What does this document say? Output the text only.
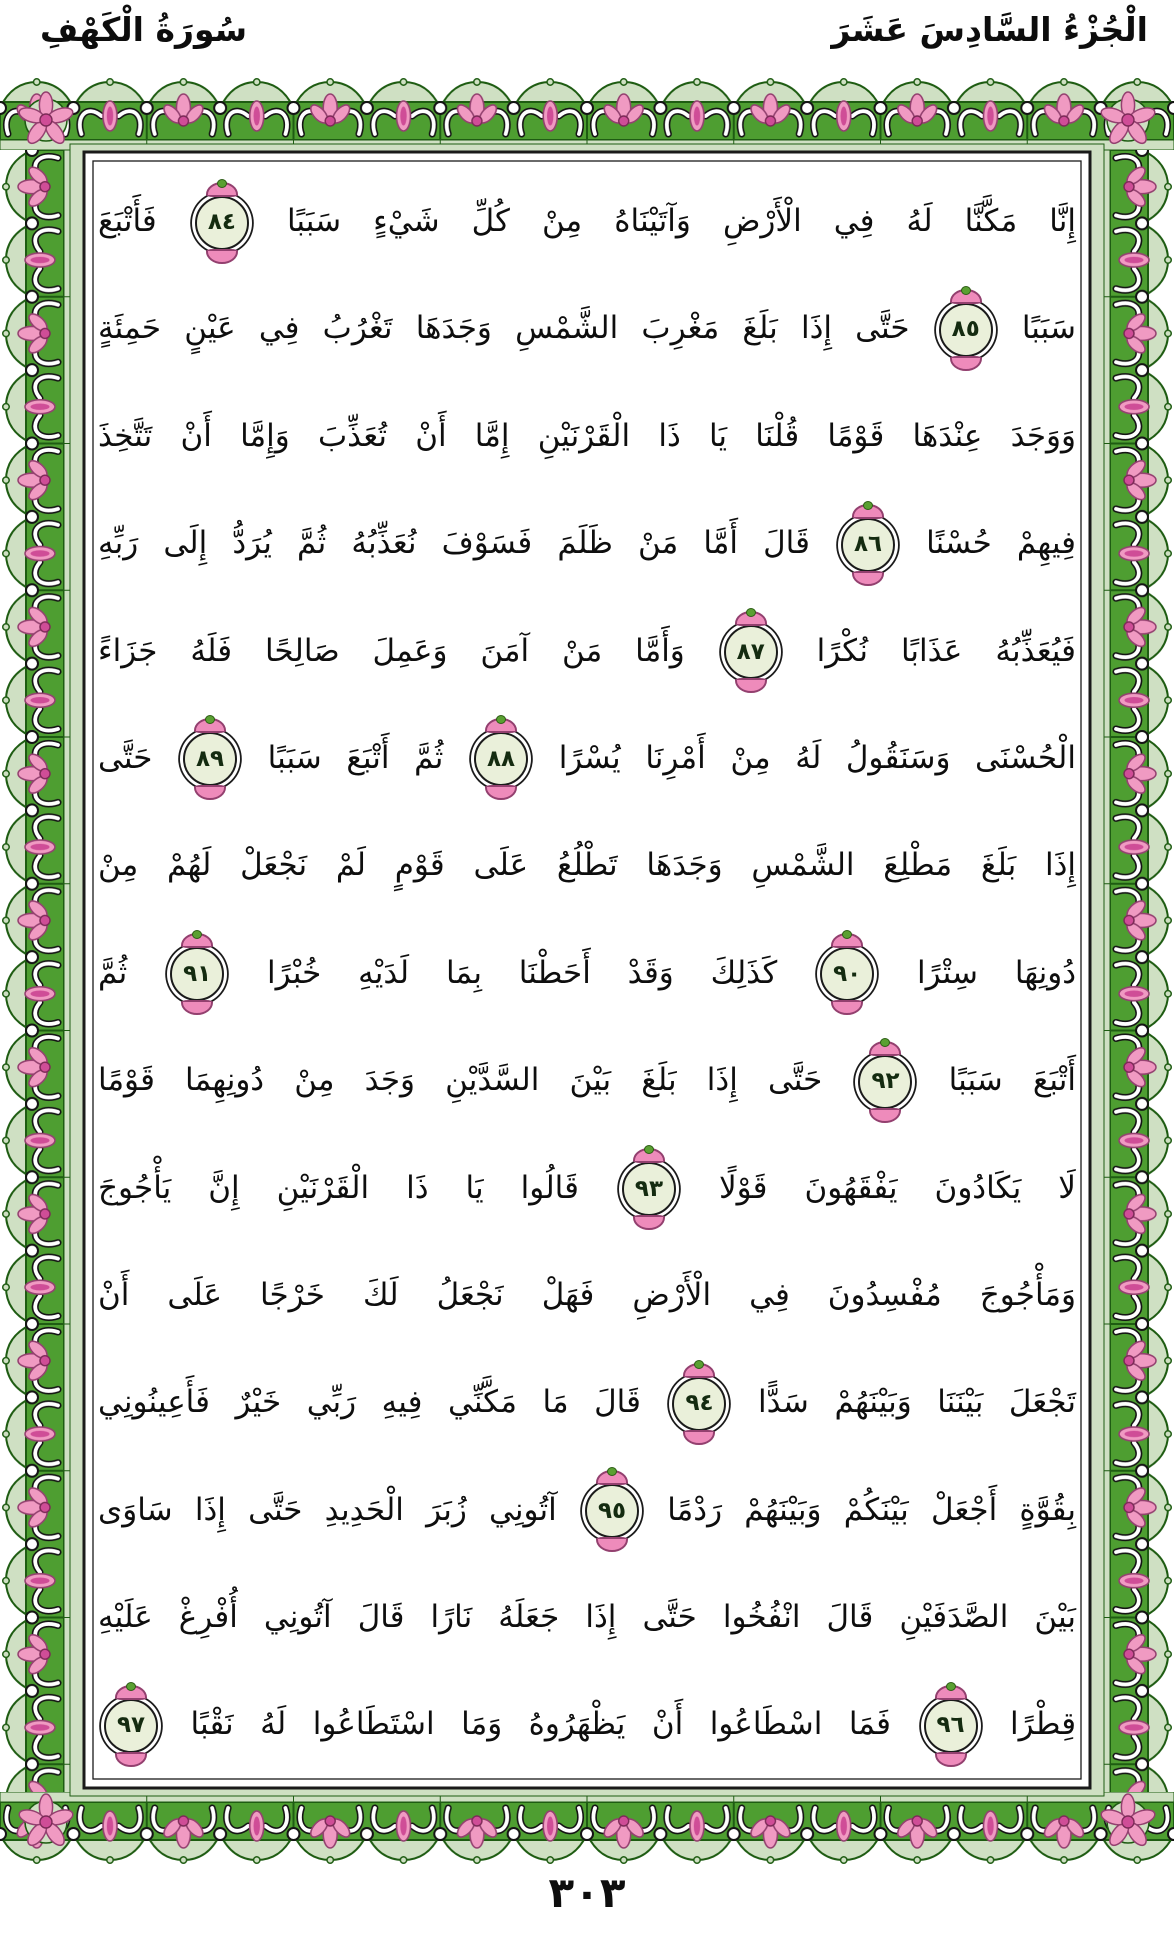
الْجُزْءُ السَّادِسَ عَشَرَ
سُورَةُ الْكَهْفِ
إِنَّا مَكَّنَّا لَهُ فِي الْأَرْضِ وَآتَيْنَاهُ مِنْ كُلِّ شَيْءٍ سَبَبًا
٨٤
فَأَتْبَعَ
سَبَبًا
٨٥
حَتَّى إِذَا بَلَغَ مَغْرِبَ الشَّمْسِ وَجَدَهَا تَغْرُبُ فِي عَيْنٍ حَمِئَةٍ
وَوَجَدَ عِنْدَهَا قَوْمًا قُلْنَا يَا ذَا الْقَرْنَيْنِ إِمَّا أَنْ تُعَذِّبَ وَإِمَّا أَنْ تَتَّخِذَ
فِيهِمْ حُسْنًا
٨٦
قَالَ أَمَّا مَنْ ظَلَمَ فَسَوْفَ نُعَذِّبُهُ ثُمَّ يُرَدُّ إِلَى رَبِّهِ
فَيُعَذِّبُهُ عَذَابًا نُكْرًا
٨٧
وَأَمَّا مَنْ آمَنَ وَعَمِلَ صَالِحًا فَلَهُ جَزَاءً
الْحُسْنَى وَسَنَقُولُ لَهُ مِنْ أَمْرِنَا يُسْرًا
٨٨
ثُمَّ أَتْبَعَ سَبَبًا
٨٩
حَتَّى
إِذَا بَلَغَ مَطْلِعَ الشَّمْسِ وَجَدَهَا تَطْلُعُ عَلَى قَوْمٍ لَمْ نَجْعَلْ لَهُمْ مِنْ
دُونِهَا سِتْرًا
٩٠
كَذَلِكَ وَقَدْ أَحَطْنَا بِمَا لَدَيْهِ خُبْرًا
٩١
ثُمَّ
أَتْبَعَ سَبَبًا
٩٢
حَتَّى إِذَا بَلَغَ بَيْنَ السَّدَّيْنِ وَجَدَ مِنْ دُونِهِمَا قَوْمًا
لَا يَكَادُونَ يَفْقَهُونَ قَوْلًا
٩٣
قَالُوا يَا ذَا الْقَرْنَيْنِ إِنَّ يَأْجُوجَ
وَمَأْجُوجَ مُفْسِدُونَ فِي الْأَرْضِ فَهَلْ نَجْعَلُ لَكَ خَرْجًا عَلَى أَنْ
تَجْعَلَ بَيْنَنَا وَبَيْنَهُمْ سَدًّا
٩٤
قَالَ مَا مَكَّنِّي فِيهِ رَبِّي خَيْرٌ فَأَعِينُونِي
بِقُوَّةٍ أَجْعَلْ بَيْنَكُمْ وَبَيْنَهُمْ رَدْمًا
٩٥
آتُونِي زُبَرَ الْحَدِيدِ حَتَّى إِذَا سَاوَى
بَيْنَ الصَّدَفَيْنِ قَالَ انْفُخُوا حَتَّى إِذَا جَعَلَهُ نَارًا قَالَ آتُونِي أُفْرِغْ عَلَيْهِ
قِطْرًا
٩٦
فَمَا اسْطَاعُوا أَنْ يَظْهَرُوهُ وَمَا اسْتَطَاعُوا لَهُ نَقْبًا
٩٧
٣٠٣
